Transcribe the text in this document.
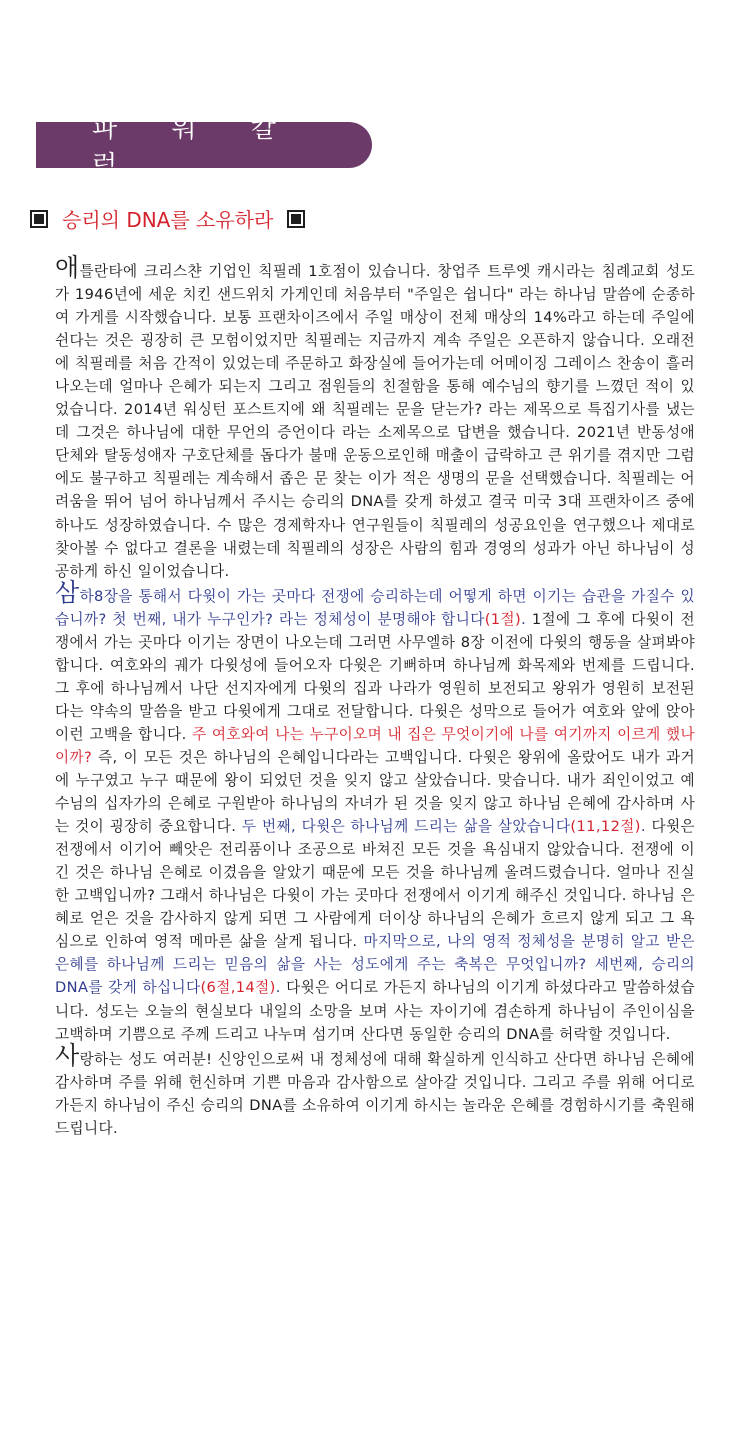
파 워 칼 럼
승리의 DNA를 소유하라

애틀란타에 크리스챤 기업인 칙필레 1호점이 있습니다. 창업주 트루엣 캐시라는 침례교회 성도가 1946년에 세운 치킨 샌드위치 가게인데 처음부터 "주일은 쉽니다" 라는 하나님 말씀에 순종하여 가게를 시작했습니다. 보통 프랜차이즈에서 주일 매상이 전체 매상의 14%라고 하는데 주일에 쉰다는 것은 굉장히 큰 모험이었지만 칙필레는 지금까지 계속 주일은 오픈하지 않습니다. 오래전에 칙필레를 처음 간적이 있었는데 주문하고 화장실에 들어가는데 어메이징 그레이스 찬송이 흘러나오는데 얼마나 은혜가 되는지 그리고 점원들의 친절함을 통해 예수님의 향기를 느꼈던 적이 있었습니다. 2014년 워싱턴 포스트지에 왜 칙필레는 문을 닫는가? 라는 제목으로 특집기사를 냈는데 그것은 하나님에 대한 무언의 증언이다 라는 소제목으로 답변을 했습니다. 2021년 반동성애 단체와 탈동성애자 구호단체를 돕다가 불매 운동으로인해 매출이 급락하고 큰 위기를 겪지만 그럼에도 불구하고 칙필레는 계속해서 좁은 문 찾는 이가 적은 생명의 문을 선택했습니다. 칙필레는 어려움을 뛰어 넘어 하나님께서 주시는 승리의 DNA를 갖게 하셨고 결국 미국 3대 프랜차이즈 중에 하나도 성장하였습니다. 수 많은 경제학자나 연구원들이 칙필레의 성공요인을 연구했으나 제대로 찾아볼 수 없다고 결론을 내렸는데 칙필레의 성장은 사람의 힘과 경영의 성과가 아닌 하나님이 성공하게 하신 일이었습니다.

삼하8장을 통해서 다윗이 가는 곳마다 전쟁에 승리하는데 어떻게 하면 이기는 습관을 가질수 있습니까? 첫 번째, 내가 누구인가? 라는 정체성이 분명해야 합니다(1절). 1절에 그 후에 다윗이 전쟁에서 가는 곳마다 이기는 장면이 나오는데 그러면 사무엘하 8장 이전에 다윗의 행동을 살펴봐야 합니다. 여호와의 궤가 다윗성에 들어오자 다윗은 기뻐하며 하나님께 화목제와 번제를 드립니다. 그 후에 하나님께서 나단 선지자에게 다윗의 집과 나라가 영원히 보전되고 왕위가 영원히 보전된다는 약속의 말씀을 받고 다윗에게 그대로 전달합니다. 다윗은 성막으로 들어가 여호와 앞에 앉아 이런 고백을 합니다. 주 여호와여 나는 누구이오며 내 집은 무엇이기에 나를 여기까지 이르게 했나이까? 즉, 이 모든 것은 하나님의 은혜입니다라는 고백입니다. 다윗은 왕위에 올랐어도 내가 과거에 누구였고 누구 때문에 왕이 되었던 것을 잊지 않고 살았습니다. 맞습니다. 내가 죄인이었고 예수님의 십자가의 은혜로 구원받아 하나님의 자녀가 된 것을 잊지 않고 하나님 은혜에 감사하며 사는 것이 굉장히 중요합니다. 두 번째, 다윗은 하나님께 드리는 삶을 살았습니다(11,12절). 다윗은 전쟁에서 이기어 빼앗은 전리품이나 조공으로 바쳐진 모든 것을 욕심내지 않았습니다. 전쟁에 이긴 것은 하나님 은혜로 이겼음을 알았기 때문에 모든 것을 하나님께 올려드렸습니다. 얼마나 진실한 고백입니까? 그래서 하나님은 다윗이 가는 곳마다 전쟁에서 이기게 해주신 것입니다. 하나님 은혜로 얻은 것을 감사하지 않게 되면 그 사람에게 더이상 하나님의 은혜가 흐르지 않게 되고 그 욕심으로 인하여 영적 메마른 삶을 살게 됩니다. 마지막으로, 나의 영적 정체성을 분명히 알고 받은 은혜를 하나님께 드리는 믿음의 삶을 사는 성도에게 주는 축복은 무엇입니까? 세번째, 승리의 DNA를 갖게 하십니다(6절,14절). 다윗은 어디로 가든지 하나님의 이기게 하셨다라고 말씀하셨습니다. 성도는 오늘의 현실보다 내일의 소망을 보며 사는 자이기에 겸손하게 하나님이 주인이심을 고백하며 기쁨으로 주께 드리고 나누며 섬기며 산다면 동일한 승리의 DNA를 허락할 것입니다.

사랑하는 성도 여러분! 신앙인으로써 내 정체성에 대해 확실하게 인식하고 산다면 하나님 은혜에 감사하며 주를 위해 헌신하며 기쁜 마음과 감사함으로 살아갈 것입니다. 그리고 주를 위해 어디로 가든지 하나님이 주신 승리의 DNA를 소유하여 이기게 하시는 놀라운 은혜를 경험하시기를 축원해 드립니다.
